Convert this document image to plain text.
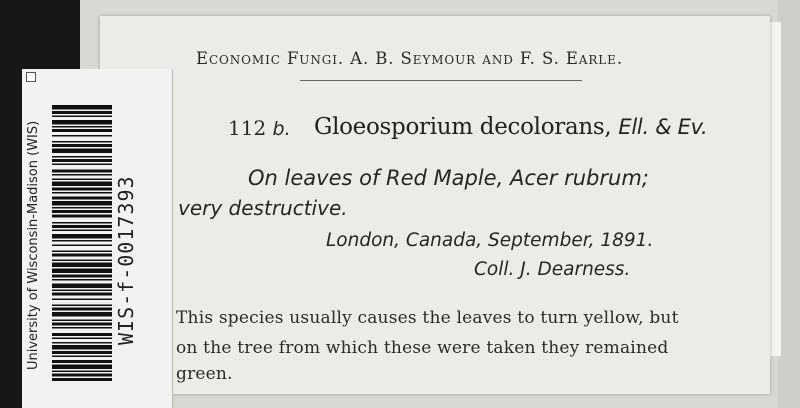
Economic Fungi. A. B. Seymour and F. S. Earle.
112 b. Gloeosporium decolorans, Ell. & Ev.
On leaves of Red Maple, Acer rubrum;
very destructive.
London, Canada, September, 1891.
Coll. J. Dearness.
This species usually causes the leaves to turn yellow, but
on the tree from which these were taken they remained
green.
University of Wisconsin-Madison (WIS)	WIS-f-0017393
